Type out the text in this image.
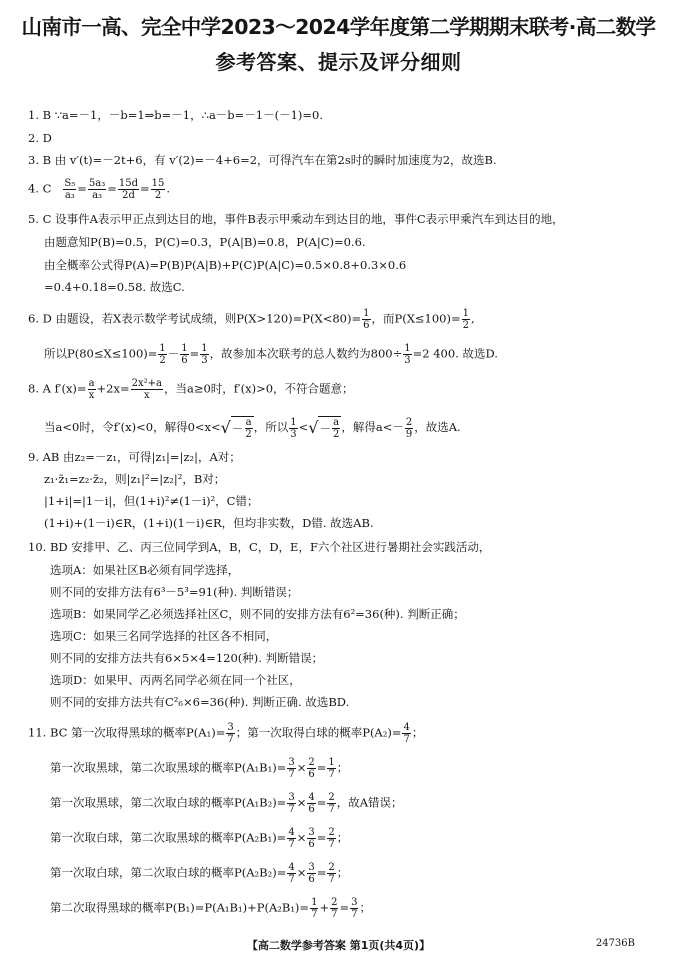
山南市一高、完全中学2023～2024学年度第二学期期末联考·高二数学
参考答案、提示及评分细则
1. B ∵a=－1，－b=1⇒b=－1，∴a－b=－1－(－1)=0.
2. D
3. B 由 v′(t)=－2t+6，有 v′(2)=－4+6=2，可得汽车在第2s时的瞬时加速度为2，故选B.
4. C $\frac{\text{S₅}}{\text{a₃}} = \frac{\text{5a₃}}{\text{a₃}} = \frac{15d}{2d} = \frac{15}{2}$ .
5. C 设事件A表示甲正点到达目的地，事件B表示甲乘动车到达目的地，事件C表示甲乘汽车到达目的地，
由题意知P(B)=0.5，P(C)=0.3，P(A|B)=0.8，P(A|C)=0.6.
由全概率公式得P(A)=P(B)P(A|B)+P(C)P(A|C)=0.5×0.8+0.3×0.6
=0.4+0.18=0.58. 故选C.
6. D 由题设，若X表示数学考试成绩，则$P(X>120)=P(X<80)= \frac{1}{6}$ ，而$P(X\le 100)= \frac{1}{2}$ ,
所以$P(80\le X\le 100)= \frac{1}{2} - \frac{1}{6} = \frac{1}{3}$ ，故参加本次联考的总人数约为$800\div \frac{1}{3} =2$ 400. 故选D.
8. A $f'(x)= \frac{a}{x} +2x= \frac{\text{2x²+a}}{x}$ ，当a≥0时，f′(x)>0，不符合题意；
当a<0时，令f′(x)<0，解得0<x< √ － $\frac{a}{2}$ ，所以 $\frac{1}{3}$ < √ － $\frac{a}{2}$ ，解得$a<- \frac{2}{9}$ ，故选A.
9. AB 由z₂=－z₁，可得|z₁|=|z₂|，A对；
z₁·z̄₁=z₂·z̄₂，则|z₁|²=|z₂|²，B对；
|1+i|=|1－i|，但(1+i)²≠(1－i)²，C错；
(1+i)+(1－i)∈R，(1+i)(1－i)∈R，但均非实数，D错. 故选AB.
10. BD 安排甲、乙、丙三位同学到A，B，C，D，E，F六个社区进行暑期社会实践活动，
选项A：如果社区B必须有同学选择，
则不同的安排方法有6³－5³=91(种). 判断错误；
选项B：如果同学乙必须选择社区C，则不同的安排方法有6²=36(种). 判断正确；
选项C：如果三名同学选择的社区各不相同，
则不同的安排方法共有6×5×4=120(种). 判断错误；
选项D：如果甲、丙两名同学必须在同一个社区，
则不同的安排方法共有C²₆×6=36(种). 判断正确. 故选BD.
11. BC 第一次取得黑球的概率$P(A_1)= \frac{3}{7}$ ；第一次取得白球的概率$P(A_2)= \frac{4}{7}$ ；
第一次取黑球，第二次取黑球的概率$P(A_1B_1)= \frac{3}{7} \times \frac{2}{6} = \frac{1}{7}$ ；
第一次取黑球，第二次取白球的概率$P(A_1B_2)= \frac{3}{7} \times \frac{4}{6} = \frac{2}{7}$ ，故A错误；
第一次取白球，第二次取黑球的概率$P(A_2B_1)= \frac{4}{7} \times \frac{3}{6} = \frac{2}{7}$ ；
第一次取白球，第二次取白球的概率$P(A_2B_2)= \frac{4}{7} \times \frac{3}{6} = \frac{2}{7}$ ；
第二次取得黑球的概率$P(B_1)=P(A_1B_1)+P(A_2B_1)= \frac{1}{7} + \frac{2}{7} = \frac{3}{7}$ ；
【高二数学参考答案 第1页(共4页)】	24736B
